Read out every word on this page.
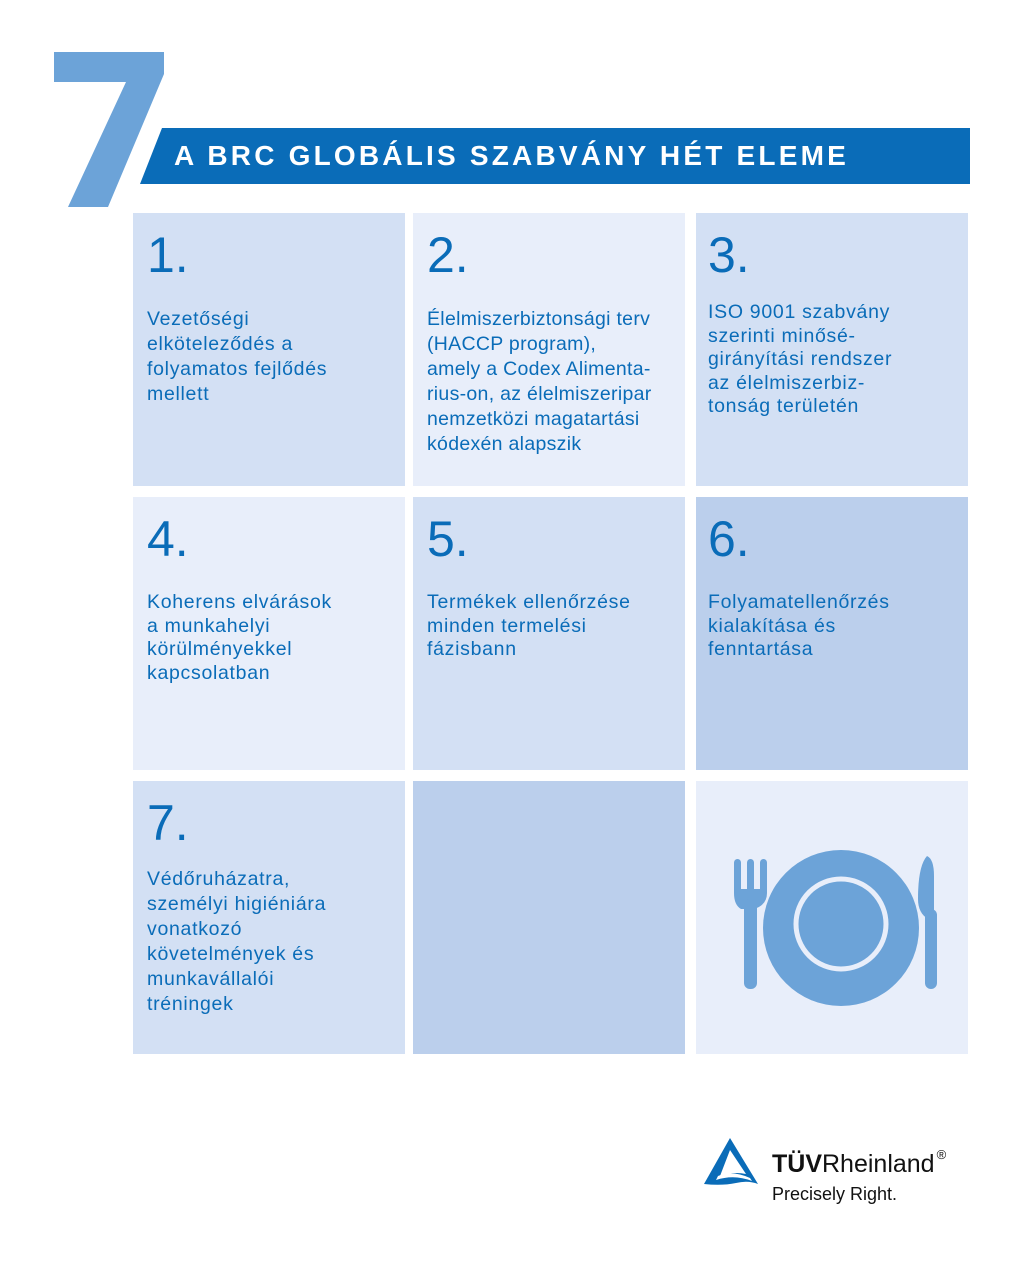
A BRC GLOBÁLIS SZABVÁNY HÉT ELEME
1.

Vezetőségi
elköteleződés a
folyamatos fejlődés
mellett

2.

Élelmiszerbiztonsági terv
(HACCP program),
amely a Codex Alimenta-
rius-on, az élelmiszeripar
nemzetközi magatartási
kódexén alapszik

3.

ISO 9001 szabvány
szerinti minősé-
girányítási rendszer
az élelmiszerbiz-
tonság területén

4.

Koherens elvárások
a munkahelyi
körülményekkel
kapcsolatban

5.

Termékek ellenőrzése
minden termelési
fázisbann

6.

Folyamatellenőrzés
kialakítása és
fenntartása

7.

Védőruházatra,
személyi higiéniára
vonatkozó
követelmények és
munkavállalói
tréningek

TÜVRheinland ®
Precisely Right.
